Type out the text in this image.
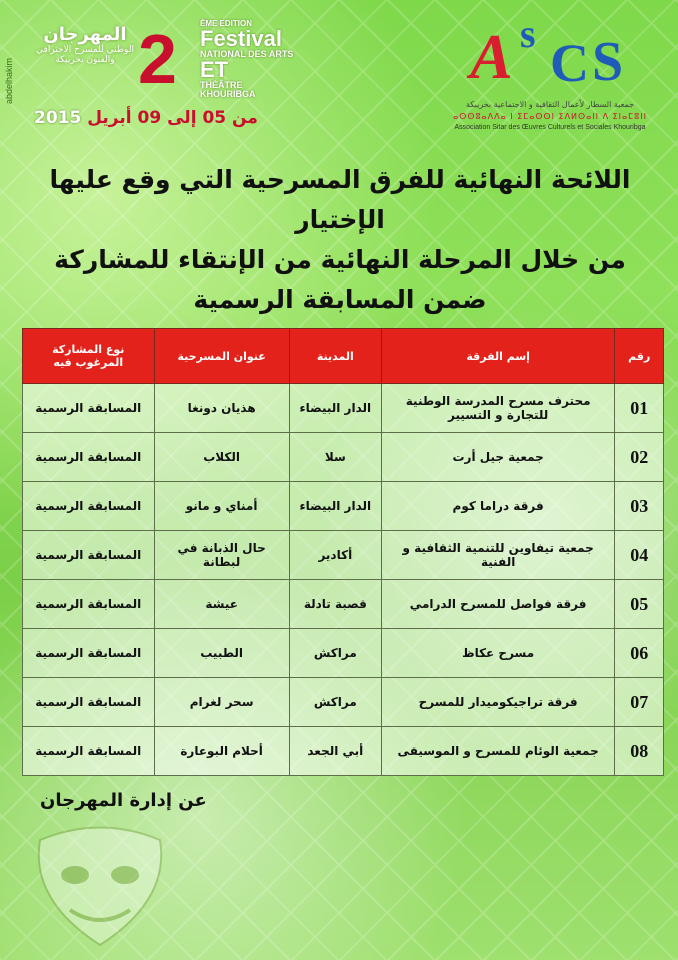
abdelhakim
المهرجان
الوطني للمسرح الاحترافي والفنون بخريبكة 2	ÈME EDITION
Festival
NATIONAL DES ARTS
ET
THÉÂTRE
KHOURIBGA
من 05 إلى 09 أبريل 2015
A s C S
جمعية السطار لأعمال الثقافية و الاجتماعية بخريبكة
ⴰⵙⵙⵓⴰⴷⴷⴰ ⵏ ⵉⵎⴰⵙⵙⵏ ⵉⴷⵍⵙⴰⵏⵏ ⴷ ⵉⵏⴰⵎⵓⵏⵏ
Association Sitar des Œuvres Culturels et Sociales Khouribga
اللائحة النهائية للفرق المسرحية التي وقع عليها الإختيار
من خلال المرحلة النهائية من الإنتقاء للمشاركة ضمن المسابقة الرسمية
رقم	إسم الفرقة	المدينة	عنوان المسرحية	نوع المشاركة المرغوب فيه
01	محترف مسرح المدرسة الوطنية للتجارة و التسيير	الدار البيضاء	هذيان دونغا	المسابقة الرسمية
02	جمعية جيل أرت	سلا	الكلاب	المسابقة الرسمية
03	فرقة دراما كوم	الدار البيضاء	أمناي و مانو	المسابقة الرسمية
04	جمعية تيفاوين للتنمية الثقافية و الفنية	أكادير	حال الذبانة في لبطانة	المسابقة الرسمية
05	فرقة فواصل للمسرح الدرامي	قصبة تادلة	عيشة	المسابقة الرسمية
06	مسرح عكاظ	مراكش	الطبيب	المسابقة الرسمية
07	فرقة تراجيكوميدار للمسرح	مراكش	سحر لغرام	المسابقة الرسمية
08	جمعية الوئام للمسرح و الموسيقى	أبي الجعد	أحلام البوعارة	المسابقة الرسمية
عن إدارة المهرجان
